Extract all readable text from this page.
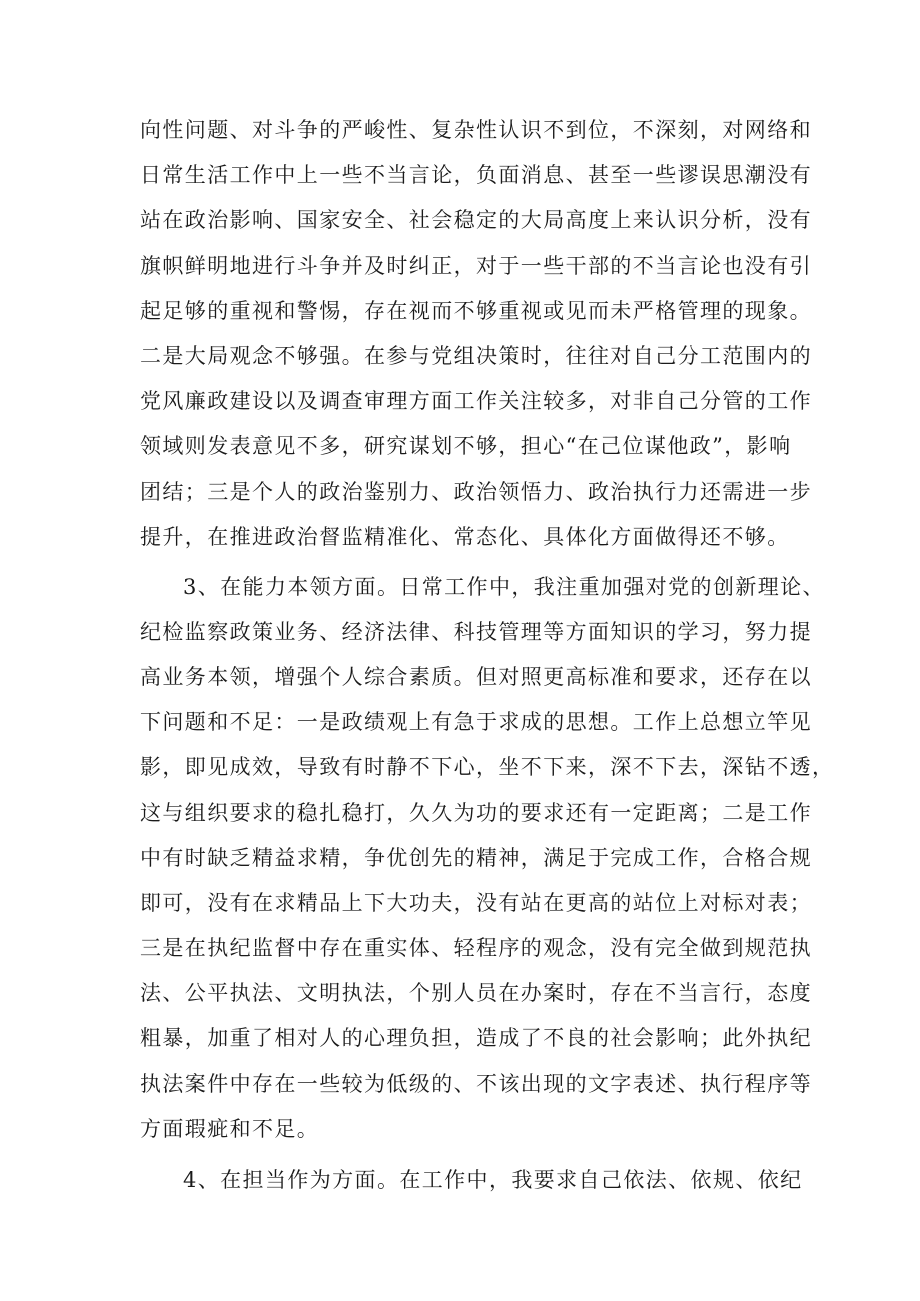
向性问题、对斗争的严峻性、复杂性认识不到位，不深刻，对网络和
日常生活工作中上一些不当言论，负面消息、甚至一些谬误思潮没有
站在政治影响、国家安全、社会稳定的大局高度上来认识分析，没有
旗帜鲜明地进行斗争并及时纠正，对于一些干部的不当言论也没有引
起足够的重视和警惕，存在视而不够重视或见而未严格管理的现象。
二是大局观念不够强。在参与党组决策时，往往对自己分工范围内的
党风廉政建设以及调查审理方面工作关注较多，对非自己分管的工作
领域则发表意见不多，研究谋划不够，担心“在己位谋他政”，影响
团结；三是个人的政治鉴别力、政治领悟力、政治执行力还需进一步
提升，在推进政治督监精准化、常态化、具体化方面做得还不够。
3、在能力本领方面。日常工作中，我注重加强对党的创新理论、
纪检监察政策业务、经济法律、科技管理等方面知识的学习，努力提
高业务本领，增强个人综合素质。但对照更高标准和要求，还存在以
下问题和不足：一是政绩观上有急于求成的思想。工作上总想立竿见
影，即见成效，导致有时静不下心，坐不下来，深不下去，深钻不透，
这与组织要求的稳扎稳打，久久为功的要求还有一定距离；二是工作
中有时缺乏精益求精，争优创先的精神，满足于完成工作，合格合规
即可，没有在求精品上下大功夫，没有站在更高的站位上对标对表；
三是在执纪监督中存在重实体、轻程序的观念，没有完全做到规范执
法、公平执法、文明执法，个别人员在办案时，存在不当言行，态度
粗暴，加重了相对人的心理负担，造成了不良的社会影响；此外执纪
执法案件中存在一些较为低级的、不该出现的文字表述、执行程序等
方面瑕疵和不足。
4、在担当作为方面。在工作中，我要求自己依法、依规、依纪
